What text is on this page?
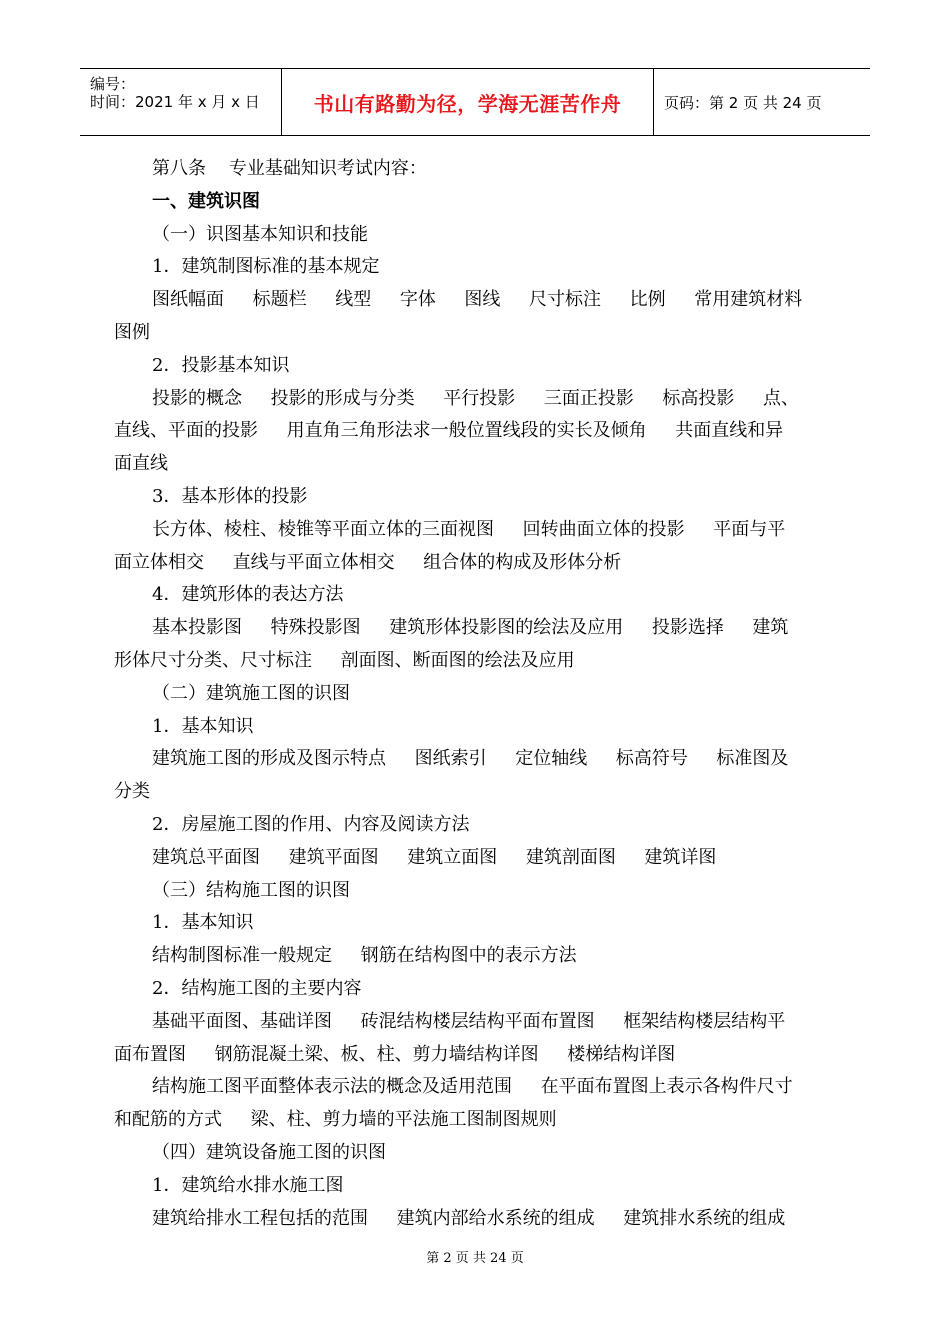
编号：
时间：2021 年 x 月 x 日	书山有路勤为径，学海无涯苦作舟	页码：第 2 页 共 24 页
第八条    专业基础知识考试内容：
一、建筑识图
（一）识图基本知识和技能
1．建筑制图标准的基本规定
图纸幅面     标题栏     线型     字体     图线     尺寸标注     比例     常用建筑材料
图例
2．投影基本知识
投影的概念     投影的形成与分类     平行投影     三面正投影     标高投影     点、
直线、平面的投影     用直角三角形法求一般位置线段的实长及倾角     共面直线和异
面直线
3．基本形体的投影
长方体、棱柱、棱锥等平面立体的三面视图     回转曲面立体的投影     平面与平
面立体相交     直线与平面立体相交     组合体的构成及形体分析
4．建筑形体的表达方法
基本投影图     特殊投影图     建筑形体投影图的绘法及应用     投影选择     建筑
形体尺寸分类、尺寸标注     剖面图、断面图的绘法及应用
（二）建筑施工图的识图
1．基本知识
建筑施工图的形成及图示特点     图纸索引     定位轴线     标高符号     标准图及
分类
2．房屋施工图的作用、内容及阅读方法
建筑总平面图     建筑平面图     建筑立面图     建筑剖面图     建筑详图
（三）结构施工图的识图
1．基本知识
结构制图标准一般规定     钢筋在结构图中的表示方法
2．结构施工图的主要内容
基础平面图、基础详图     砖混结构楼层结构平面布置图     框架结构楼层结构平
面布置图     钢筋混凝土梁、板、柱、剪力墙结构详图     楼梯结构详图
结构施工图平面整体表示法的概念及适用范围     在平面布置图上表示各构件尺寸
和配筋的方式     梁、柱、剪力墙的平法施工图制图规则
（四）建筑设备施工图的识图
1．建筑给水排水施工图
建筑给排水工程包括的范围     建筑内部给水系统的组成     建筑排水系统的组成
第 2 页 共 24 页
